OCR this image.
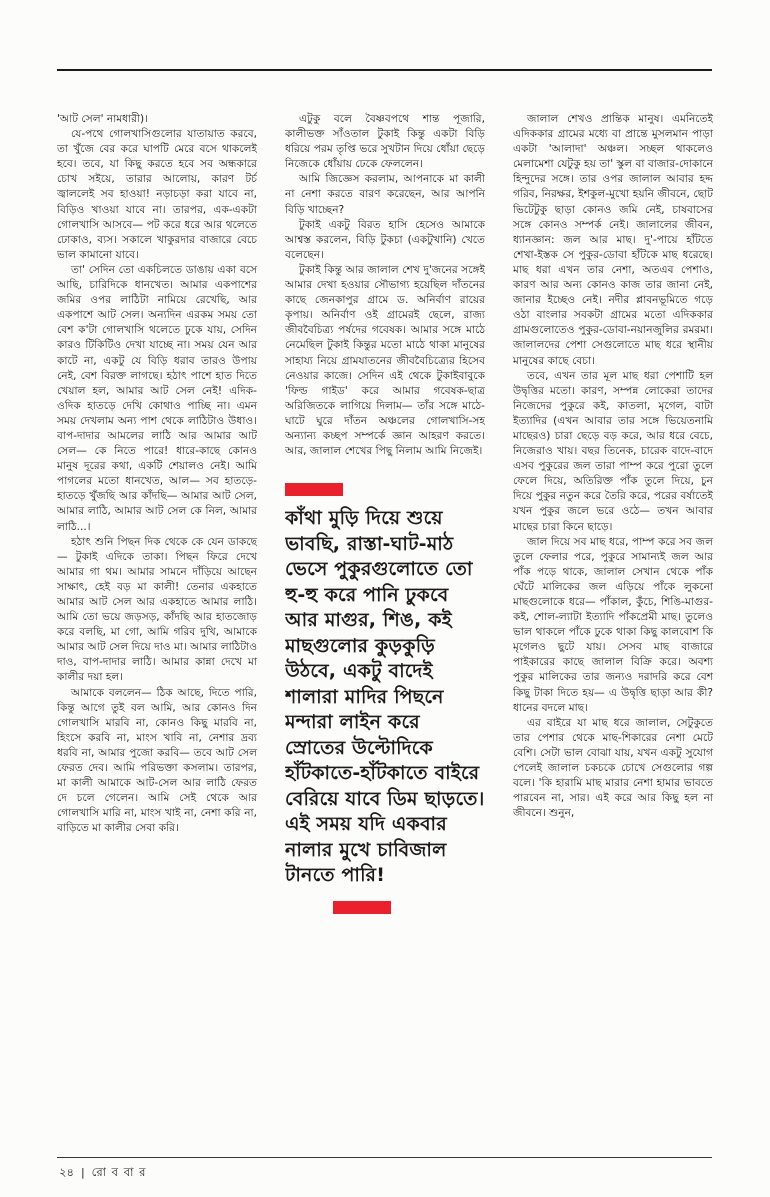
'আট সেল' নামধারী)।

যে-পথে গোলখাসিগুলোর যাতায়াত করবে, তা খুঁজে বের করে ঘাপটি মেরে বসে থাকলেই হবে। তবে, যা কিছু করতে হবে সব অন্ধকারে চোখ সইয়ে, তারার আলোয়, কারণ টর্চ জ্বাললেই সব হাওয়া! নড়াচড়া করা যাবে না, বিড়িও খাওয়া যাবে না। তারপর, এক-একটা গোলখাসি আসবে— পট করে ধরে আর থলেতে ঢোকাও, ব্যস। সকালে খাকুরদার বাজারে বেচে ভাল কামানো যাবে।

তা' সেদিন তো একচিলতে ডাঙায় একা বসে আছি, চারিদিকে ধানখেত। আমার একপাশের জমির ওপর লাঠিটা নামিয়ে রেখেছি, আর একপাশে আট সেল। অন্যদিন এরকম সময় তো বেশ ক'টা গোলখাসি থলেতে ঢুকে যায়, সেদিন কারও টিকিটিও দেখা যাচ্ছে না। সময় যেন আর কাটে না, একটু যে বিড়ি ধরাব তারও উপায় নেই, বেশ বিরক্ত লাগছে। হঠাৎ পাশে হাত দিতে খেয়াল হল, আমার আট সেল নেই! এদিক-ওদিক হাতড়ে দেখি কোথাও পাচ্ছি না। এমন সময় দেখলাম অন্য পাশ থেকে লাঠিটাও উধাও। বাপ-দাদার আমলের লাঠি আর আমার আট সেল— কে নিতে পারে! ধারে-কাছে কোনও মানুষ দূরের কথা, একটি শেয়ালও নেই। আমি পাগলের মতো ধানখেত, আল— সব হাতড়ে-হাতড়ে খুঁজছি আর কাঁদছি— আমার আট সেল, আমার লাঠি, আমার আট সেল কে নিল, আমার লাঠি...।

হঠাৎ শুনি পিছন দিক থেকে কে যেন ডাকছে— টুকাই এদিকে তাকা। পিছন ফিরে দেখে আমার গা থম। আমার সামনে দাঁড়িয়ে আছেন সাক্ষাৎ, হেই বড় মা কালী! তেনার একহাতে আমার আট সেল আর একহাতে আমার লাঠি। আমি তো ভয়ে জড়সড়, কাঁদছি আর হাতজোড় করে বলছি, মা গো, আমি গরিব দুখি, আমাকে আমার আট সেল দিয়ে দাও মা। আমার লাঠিটাও দাও, বাপ-দাদার লাঠি। আমার কান্না দেখে মা কালীর দয়া হল।

আমাকে বললেন— ঠিক আছে, দিতে পারি, কিন্তু আগে তুই বল আমি, আর কোনও দিন গোলখাসি মারবি না, কোনও কিছু মারবি না, হিংসে করবি না, মাংস খাবি না, নেশার দ্রব্য ধরবি না, আমার পুজো করবি— তবে আট সেল ফেরত দেব। আমি পরিভক্তা কসলাম। তারপর, মা কালী আমাকে আট-সেল আর লাঠি ফেরত দে চলে গেলেন। আমি সেই থেকে আর গোলখাসি মারি না, মাংস খাই না, নেশা করি না, বাড়িতে মা কালীর সেবা করি।

এটুকু বলে বৈষ্ণবপথে শান্ত পূজারি, কালীভক্ত সাঁওতাল টুকাই কিন্তু একটা বিড়ি ধরিয়ে পরম তৃপ্তি ভরে সুখটান দিয়ে ধোঁয়া ছেড়ে নিজেকে ধোঁয়ায় ঢেকে ফেললেন।

আমি জিজ্ঞেস করলাম, আপনাকে মা কালী না নেশা করতে বারণ করেছেন, আর আপনি বিড়ি খাচ্ছেন?

টুকাই একটু বিরত হাসি হেসেও আমাকে আশ্বস্ত করলেন, বিড়ি টুকচা (একটুখানি) খেতে বলেছেন।

টুকাই কিন্তু আর জালাল শেখ দু'জনের সঙ্গেই আমার দেখা হওয়ার সৌভাগ্য হয়েছিল দাঁতনের কাছে জেনকাপুর গ্রামে ড. অনির্বাণ রায়ের কৃপায়। অনির্বাণ ওই গ্রামেরই ছেলে, রাজ্য জীববৈচিত্র্য পর্ষদের গবেষক। আমার সঙ্গে মাঠে নেমেছিল টুকাই কিন্তুর মতো মাঠে থাকা মানুষের সাহায্য নিয়ে গ্রামযাতনের জীববৈচিত্র্যের হিসেব নেওয়ার কাজে। সেদিন এই থেকে টুকাইবাবুকে 'ফিল্ড গাইড' করে আমার গবেষক-ছাত্র অরিজিতকে লাগিয়ে দিলাম— তাঁর সঙ্গে মাঠে-ঘাটে ঘুরে দাঁতন অঞ্চলের গোলখাসি-সহ অন্যান্য কচ্ছপ সম্পর্কে জ্ঞান আহরণ করতে। আর, জালাল শেখের পিছু নিলাম আমি নিজেই।

কাঁথা মুড়ি দিয়ে শুয়ে ভাবছি, রাস্তা-ঘাট-মাঠ ভেসে পুকুরগুলোতে তো হু-হু করে পানি ঢুকবে আর মাগুর, শিঙ, কই মাছগুলোর কুড়কুড়ি উঠবে, একটু বাদেই শালারা মাদির পিছনে মন্দারা লাইন করে স্রোতের উল্টোদিকে হাঁটকাতে-হাঁটকাতে বাইরে বেরিয়ে যাবে ডিম ছাড়তে। এই সময় যদি একবার নালার মুখে চাবিজাল টানতে পারি!

জালাল শেখও প্রান্তিক মানুষ। এমনিতেই এদিককার গ্রামের মধ্যে বা প্রান্তে মুসলমান পাড়া একটা 'আলাদা' অঞ্চল। সচ্ছল থাকলেও মেলামেশা যেটুকু হয় তা' স্কুল বা বাজার-দোকানে হিন্দুদের সঙ্গে। তার ওপর জালাল আবার হদ্দ গরিব, নিরক্ষর, ইশকুল-মুখো হয়নি জীবনে, ছোট ভিটেটুকু ছাড়া কোনও জমি নেই, চাষবাসের সঙ্গে কোনও সম্পর্ক নেই। জালালের জীবন, ধ্যানজ্ঞান: জল আর মাছ। দু'-পায়ে হাঁটতে শেখা-ইস্তক সে পুকুর-ডোবা হাঁটকে মাছ ধরেছে। মাছ ধরা এখন তার নেশা, অতএব পেশাও, কারণ আর অন্য কোনও কাজ তার জানা নেই, জানার ইচ্ছেও নেই। নদীর প্লাবনভূমিতে গড়ে ওঠা বাংলার সবকটা গ্রামের মতো এদিককার গ্রামগুলোতেও পুকুর-ডোবা-নয়ানজুলির রমরমা। জালালদের পেশা সেগুলোতে মাছ ধরে স্থানীয় মানুষের কাছে বেচা।

তবে, এখন তার মূল মাছ ধরা পেশাটি হল উদ্বৃত্তির মতো। কারণ, সম্পন্ন লোকেরা তাদের নিজেদের পুকুরে কই, কাতলা, মৃগেল, বাটা ইত্যাদির (এখন আবার তার সঙ্গে ভিয়েতনামি মাছেরও) চারা ছেড়ে বড় করে, আর ধরে বেচে, নিজেরাও খায়। বছর তিনেক, চারেক বাদে-বাদে এসব পুকুরের জল তারা পাম্প করে পুরো তুলে ফেলে দিয়ে, অতিরিক্ত পাঁক তুলে দিয়ে, চুন দিয়ে পুকুর নতুন করে তৈরি করে, পরের বর্ষাতেই যখন পুকুর জলে ভরে ওঠে— তখন আবার মাছের চারা কিনে ছাড়ে।

জাল দিয়ে সব মাছ ধরে, পাম্প করে সব জল তুলে ফেলার পরে, পুকুরে সামান্যই জল আর পাঁক পড়ে থাকে, জালাল সেখান থেকে পাঁক ঘেঁটে মালিকের জল এড়িয়ে পাঁকে লুকনো মাছগুলোকে ধরে— পাঁকাল, কুঁচে, শিঙি-মাগুর-কই, শোল-ল্যাটা ইত্যাদি পাঁকপ্রেমী মাছ। তুলেও ভাল থাকলে পাঁকে ঢুকে থাকা কিছু কালবোশ কি মৃগেলও ছুটে যায়। সেসব মাছ বাজারে পাইকারের কাছে জালাল বিক্রি করে। অবশ্য পুকুর মালিকের তার জন্যও দরাদরি করে বেশ কিছু টাকা দিতে হয়— এ উদ্বৃত্তি ছাড়া আর কী? ধানের বদলে মাছ।

এর বাইরে যা মাছ ধরে জালাল, সেটুকুতে তার পেশার থেকে মাছ-শিকারের নেশা মেটে বেশি। সেটা ভাল বোঝা যায়, যখন একটু সুযোগ পেলেই জালাল চকচকে চোখে সেগুলোর গল্প বলে। 'কি হারামি মাছ মারার নেশা হামার ভাবতে পারবেন না, সার। এই করে আর কিছু হল না জীবনে। শুনুন,

২৪ | রো ব বা র
